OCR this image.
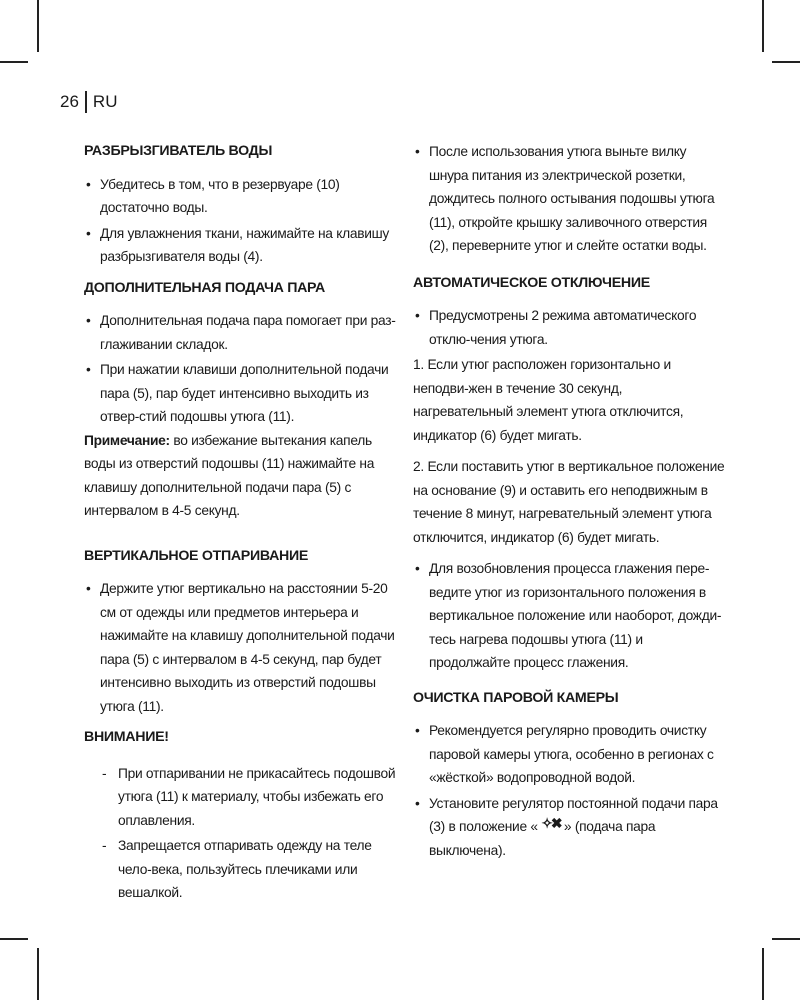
26 RU
РАЗБРЫЗГИВАТЕЛЬ ВОДЫ
• Убедитесь в том, что в резервуаре (10) достаточно воды.
• Для увлажнения ткани, нажимайте на клавишу разбрызгивателя воды (4).
ДОПОЛНИТЕЛЬНАЯ ПОДАЧА ПАРА
• Дополнительная подача пара помогает при раз-глаживании складок.
• При нажатии клавиши дополнительной подачи пара (5), пар будет интенсивно выходить из отвер-стий подошвы утюга (11).

Примечание: во избежание вытекания капель воды из отверстий подошвы (11) нажимайте на клавишу дополнительной подачи пара (5) с интервалом в 4-5 секунд.

ВЕРТИКАЛЬНОЕ ОТПАРИВАНИЕ
• Держите утюг вертикально на расстоянии 5-20 см от одежды или предметов интерьера и нажимайте на клавишу дополнительной подачи пара (5) с интервалом в 4-5 секунд, пар будет интенсивно выходить из отверстий подошвы утюга (11).
ВНИМАНИЕ!
- При отпаривании не прикасайтесь подошвой утюга (11) к материалу, чтобы избежать его оплавления.
- Запрещается отпаривать одежду на теле чело-века, пользуйтесь плечиками или вешалкой.
• После использования утюга выньте вилку шнура питания из электрической розетки, дождитесь полного остывания подошвы утюга (11), откройте крышку заливочного отверстия (2), переверните утюг и слейте остатки воды.
АВТОМАТИЧЕСКОЕ ОТКЛЮЧЕНИЕ
• Предусмотрены 2 режима автоматического отклю-чения утюга.

1. Если утюг расположен горизонтально и неподви-жен в течение 30 секунд, нагревательный элемент утюга отключится, индикатор (6) будет мигать.

2. Если поставить утюг в вертикальное положение на основание (9) и оставить его неподвижным в течение 8 минут, нагревательный элемент утюга отключится, индикатор (6) будет мигать.

• Для возобновления процесса глажения пере-ведите утюг из горизонтального положения в вертикальное положение или наоборот, дожди-тесь нагрева подошвы утюга (11) и продолжайте процесс глажения.
ОЧИСТКА ПАРОВОЙ КАМЕРЫ
• Рекомендуется регулярно проводить очистку паровой камеры утюга, особенно в регионах с «жёсткой» водопроводной водой.
• Установите регулятор постоянной подачи пара (3) в положение « ✧✖ » (подача пара выключена).
